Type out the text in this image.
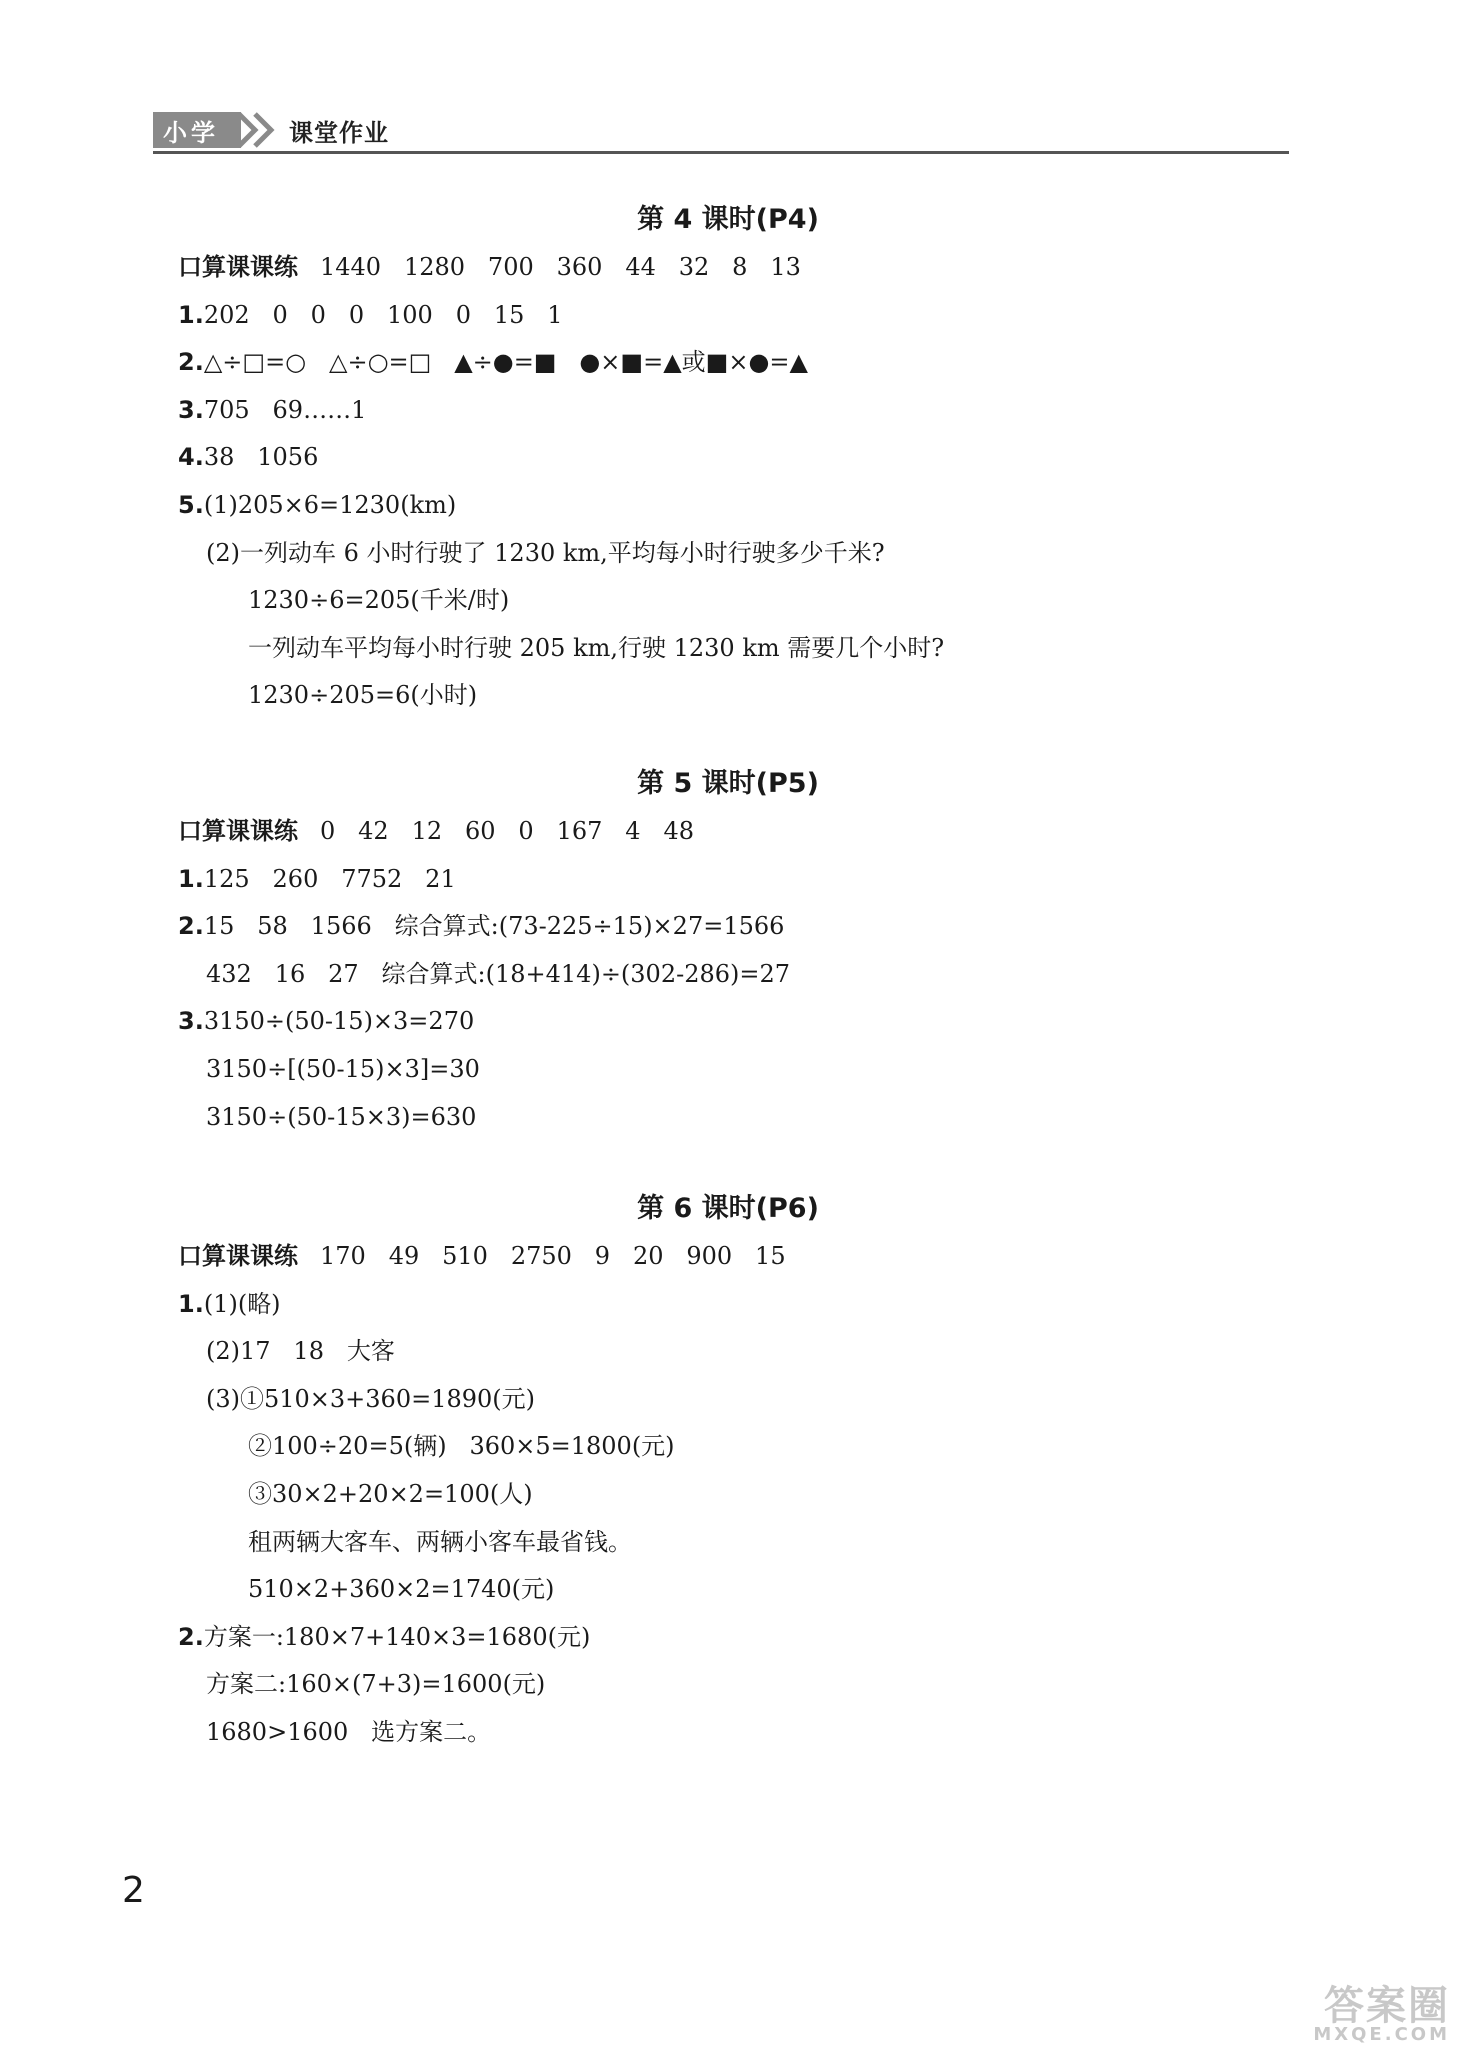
小学	课堂作业
第 4 课时(P4)
口算课课练 1440   1280   700   360   44   32   8   13
1.202   0   0   0   100   0   15   1
2.△÷□=○   △÷○=□   ▲÷●=■   ●×■=▲或■×●=▲
3.705   69……1
4.38   1056
5.(1)205×6=1230(km)
(2)一列动车 6 小时行驶了 1230 km,平均每小时行驶多少千米?
1230÷6=205(千米/时)
一列动车平均每小时行驶 205 km,行驶 1230 km 需要几个小时?
1230÷205=6(小时)
第 5 课时(P5)
口算课课练 0   42   12   60   0   167   4   48
1.125   260   7752   21
2.15   58   1566   综合算式:(73-225÷15)×27=1566
432   16   27   综合算式:(18+414)÷(302-286)=27
3.3150÷(50-15)×3=270
3150÷[(50-15)×3]=30
3150÷(50-15×3)=630
第 6 课时(P6)
口算课课练 170   49   510   2750   9   20   900   15
1.(1)(略)
(2)17   18   大客
(3)①510×3+360=1890(元)
②100÷20=5(辆)   360×5=1800(元)
③30×2+20×2=100(人)
租两辆大客车、两辆小客车最省钱。
510×2+360×2=1740(元)
2.方案一:180×7+140×3=1680(元)
方案二:160×(7+3)=1600(元)
1680>1600   选方案二。
2
答案圈
MXQE.COM
